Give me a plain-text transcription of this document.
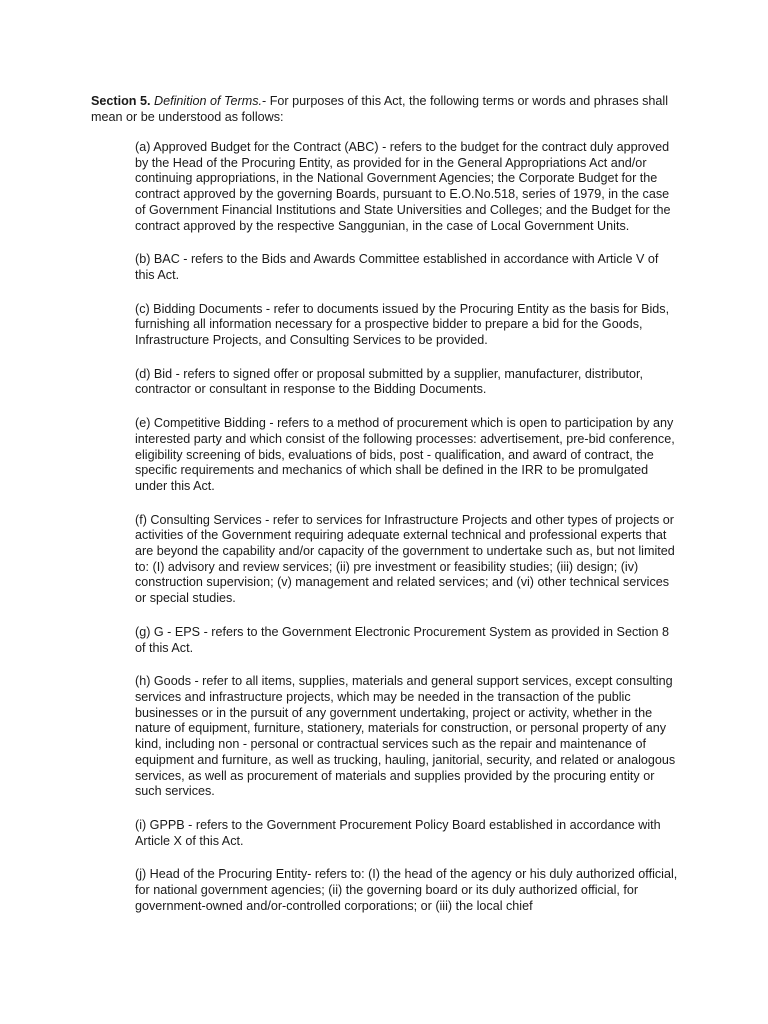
Section 5. Definition of Terms.- For purposes of this Act, the following terms or words and phrases shall mean or be understood as follows:

(a) Approved Budget for the Contract (ABC) - refers to the budget for the contract duly approved by the Head of the Procuring Entity, as provided for in the General Appropriations Act and/or continuing appropriations, in the National Government Agencies; the Corporate Budget for the contract approved by the governing Boards, pursuant to E.O.No.518, series of 1979, in the case of Government Financial Institutions and State Universities and Colleges; and the Budget for the contract approved by the respective Sanggunian, in the case of Local Government Units.

(b) BAC - refers to the Bids and Awards Committee established in accordance with Article V of this Act.

(c) Bidding Documents - refer to documents issued by the Procuring Entity as the basis for Bids, furnishing all information necessary for a prospective bidder to prepare a bid for the Goods, Infrastructure Projects, and Consulting Services to be provided.

(d) Bid - refers to signed offer or proposal submitted by a supplier, manufacturer, distributor, contractor or consultant in response to the Bidding Documents.

(e) Competitive Bidding - refers to a method of procurement which is open to participation by any interested party and which consist of the following processes: advertisement, pre-bid conference, eligibility screening of bids, evaluations of bids, post - qualification, and award of contract, the specific requirements and mechanics of which shall be defined in the IRR to be promulgated under this Act.

(f) Consulting Services - refer to services for Infrastructure Projects and other types of projects or activities of the Government requiring adequate external technical and professional experts that are beyond the capability and/or capacity of the government to undertake such as, but not limited to: (I) advisory and review services; (ii) pre investment or feasibility studies; (iii) design; (iv) construction supervision; (v) management and related services; and (vi) other technical services or special studies.

(g) G - EPS - refers to the Government Electronic Procurement System as provided in Section 8 of this Act.

(h) Goods - refer to all items, supplies, materials and general support services, except consulting services and infrastructure projects, which may be needed in the transaction of the public businesses or in the pursuit of any government undertaking, project or activity, whether in the nature of equipment, furniture, stationery, materials for construction, or personal property of any kind, including non - personal or contractual services such as the repair and maintenance of equipment and furniture, as well as trucking, hauling, janitorial, security, and related or analogous services, as well as procurement of materials and supplies provided by the procuring entity or such services.

(i) GPPB - refers to the Government Procurement Policy Board established in accordance with Article X of this Act.

(j) Head of the Procuring Entity- refers to: (I) the head of the agency or his duly authorized official, for national government agencies; (ii) the governing board or its duly authorized official, for government-owned and/or-controlled corporations; or (iii) the local chief
